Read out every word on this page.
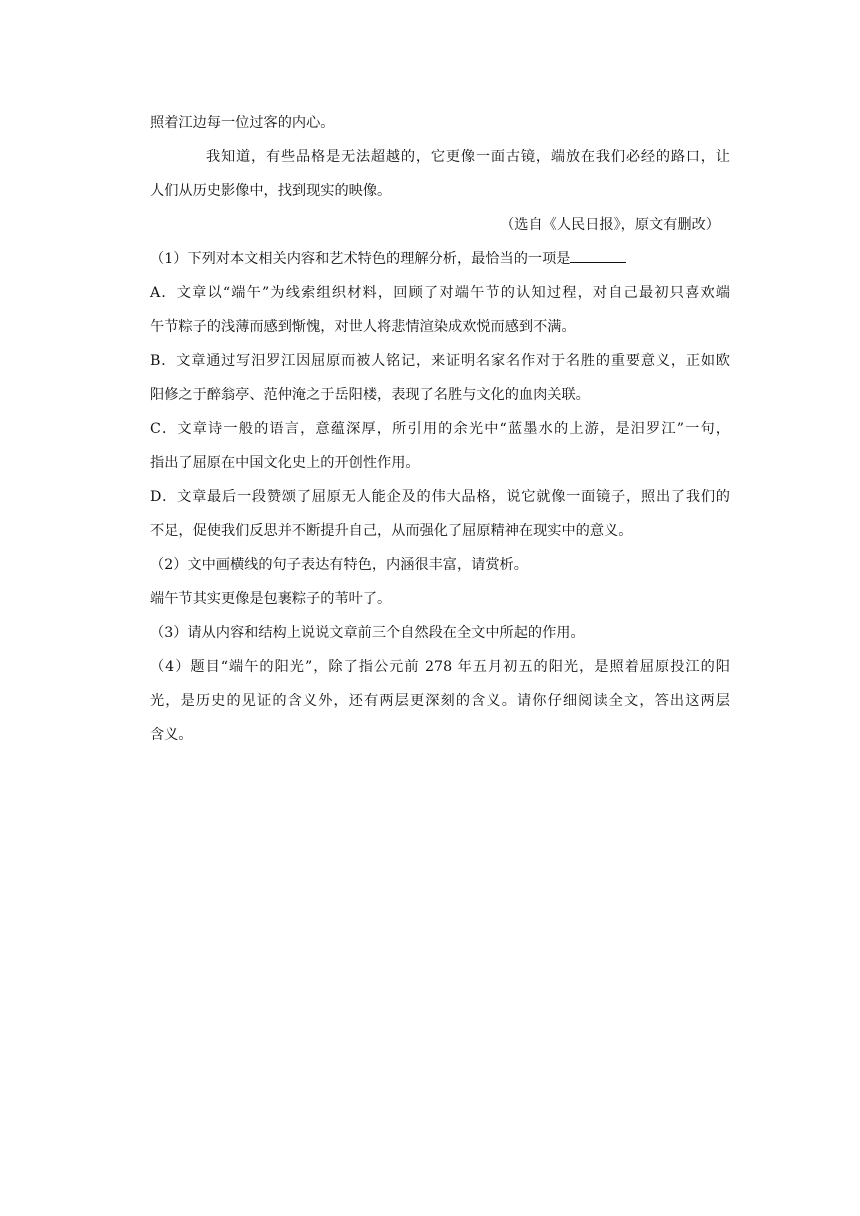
照着江边每一位过客的内心。
我知道，有些品格是无法超越的，它更像一面古镜，端放在我们必经的路口，让
人们从历史影像中，找到现实的映像。
（选自《人民日报》，原文有删改）
（1）下列对本文相关内容和艺术特色的理解分析，最恰当的一项是
A．文章以“端午”为线索组织材料，回顾了对端午节的认知过程，对自己最初只喜欢端
午节粽子的浅薄而感到惭愧，对世人将悲情渲染成欢悦而感到不满。
B．文章通过写汨罗江因屈原而被人铭记，来证明名家名作对于名胜的重要意义，正如欧
阳修之于醉翁亭、范仲淹之于岳阳楼，表现了名胜与文化的血肉关联。
C．文章诗一般的语言，意蕴深厚，所引用的余光中“蓝墨水的上游，是汨罗江”一句，
指出了屈原在中国文化史上的开创性作用。
D．文章最后一段赞颂了屈原无人能企及的伟大品格，说它就像一面镜子，照出了我们的
不足，促使我们反思并不断提升自己，从而强化了屈原精神在现实中的意义。
（2）文中画横线的句子表达有特色，内涵很丰富，请赏析。
端午节其实更像是包裹粽子的苇叶了。
（3）请从内容和结构上说说文章前三个自然段在全文中所起的作用。
（4）题目“端午的阳光”，除了指公元前 278 年五月初五的阳光，是照着屈原投江的阳
光，是历史的见证的含义外，还有两层更深刻的含义。请你仔细阅读全文，答出这两层
含义。
